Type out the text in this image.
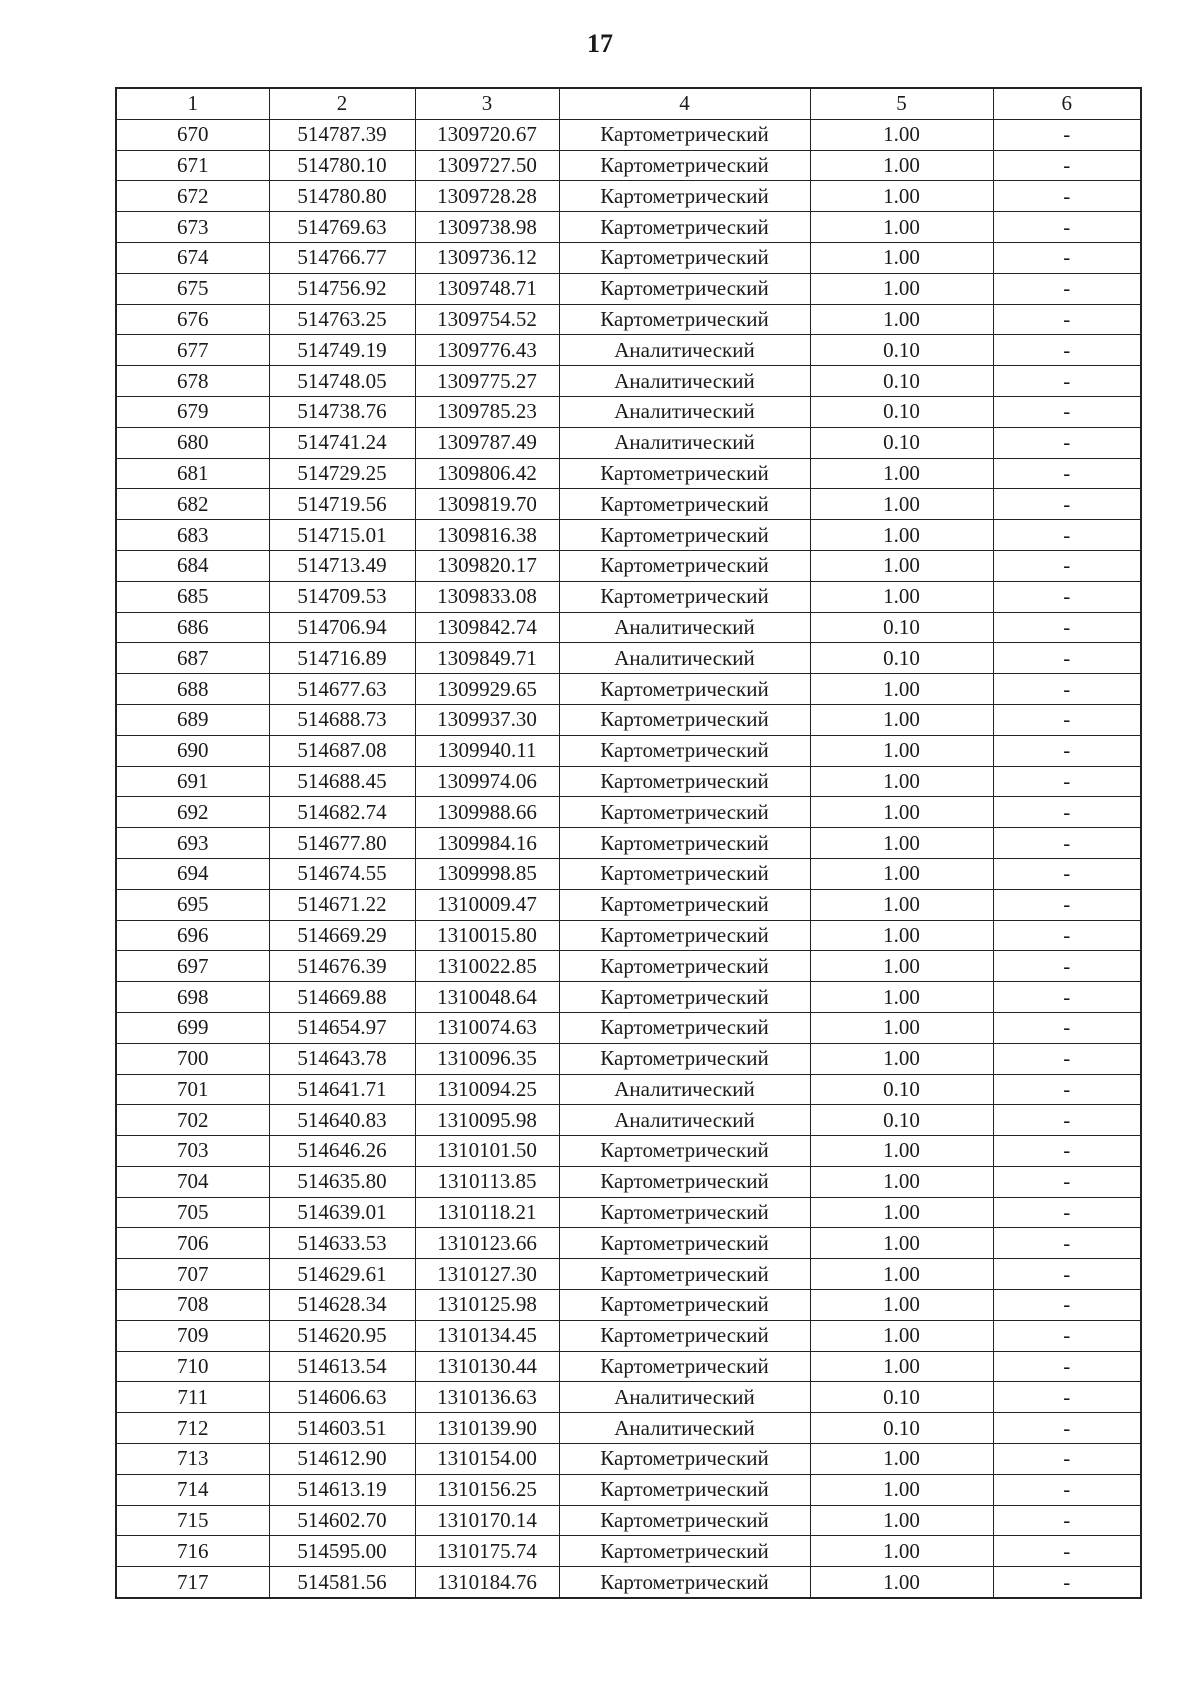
17
1	2	3	4	5	6
670	514787.39	1309720.67	Картометрический	1.00	-
671	514780.10	1309727.50	Картометрический	1.00	-
672	514780.80	1309728.28	Картометрический	1.00	-
673	514769.63	1309738.98	Картометрический	1.00	-
674	514766.77	1309736.12	Картометрический	1.00	-
675	514756.92	1309748.71	Картометрический	1.00	-
676	514763.25	1309754.52	Картометрический	1.00	-
677	514749.19	1309776.43	Аналитический	0.10	-
678	514748.05	1309775.27	Аналитический	0.10	-
679	514738.76	1309785.23	Аналитический	0.10	-
680	514741.24	1309787.49	Аналитический	0.10	-
681	514729.25	1309806.42	Картометрический	1.00	-
682	514719.56	1309819.70	Картометрический	1.00	-
683	514715.01	1309816.38	Картометрический	1.00	-
684	514713.49	1309820.17	Картометрический	1.00	-
685	514709.53	1309833.08	Картометрический	1.00	-
686	514706.94	1309842.74	Аналитический	0.10	-
687	514716.89	1309849.71	Аналитический	0.10	-
688	514677.63	1309929.65	Картометрический	1.00	-
689	514688.73	1309937.30	Картометрический	1.00	-
690	514687.08	1309940.11	Картометрический	1.00	-
691	514688.45	1309974.06	Картометрический	1.00	-
692	514682.74	1309988.66	Картометрический	1.00	-
693	514677.80	1309984.16	Картометрический	1.00	-
694	514674.55	1309998.85	Картометрический	1.00	-
695	514671.22	1310009.47	Картометрический	1.00	-
696	514669.29	1310015.80	Картометрический	1.00	-
697	514676.39	1310022.85	Картометрический	1.00	-
698	514669.88	1310048.64	Картометрический	1.00	-
699	514654.97	1310074.63	Картометрический	1.00	-
700	514643.78	1310096.35	Картометрический	1.00	-
701	514641.71	1310094.25	Аналитический	0.10	-
702	514640.83	1310095.98	Аналитический	0.10	-
703	514646.26	1310101.50	Картометрический	1.00	-
704	514635.80	1310113.85	Картометрический	1.00	-
705	514639.01	1310118.21	Картометрический	1.00	-
706	514633.53	1310123.66	Картометрический	1.00	-
707	514629.61	1310127.30	Картометрический	1.00	-
708	514628.34	1310125.98	Картометрический	1.00	-
709	514620.95	1310134.45	Картометрический	1.00	-
710	514613.54	1310130.44	Картометрический	1.00	-
711	514606.63	1310136.63	Аналитический	0.10	-
712	514603.51	1310139.90	Аналитический	0.10	-
713	514612.90	1310154.00	Картометрический	1.00	-
714	514613.19	1310156.25	Картометрический	1.00	-
715	514602.70	1310170.14	Картометрический	1.00	-
716	514595.00	1310175.74	Картометрический	1.00	-
717	514581.56	1310184.76	Картометрический	1.00	-
